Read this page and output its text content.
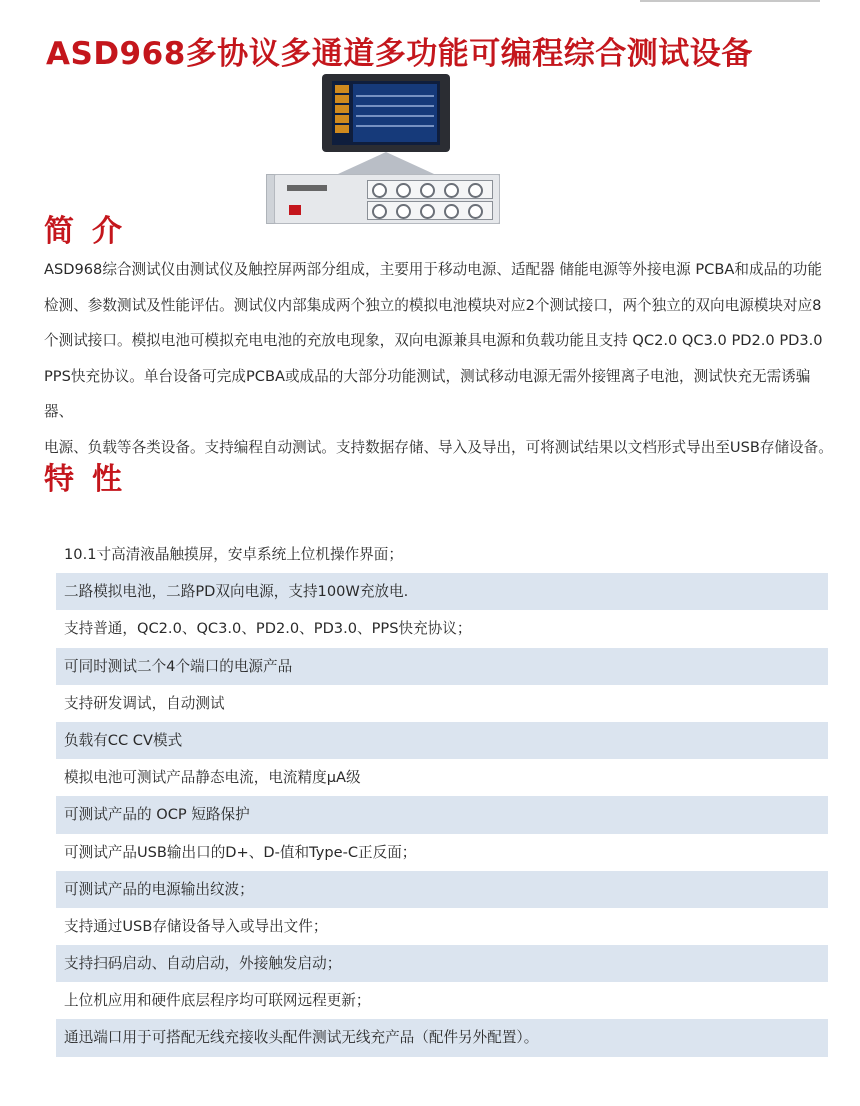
ASD968多协议多通道多功能可编程综合测试设备
简介
ASD968综合测试仪由测试仪及触控屏两部分组成，主要用于移动电源、适配器 储能电源等外接电源 PCBA和成品的功能
检测、参数测试及性能评估。测试仪内部集成两个独立的模拟电池模块对应2个测试接口，两个独立的双向电源模块对应8
个测试接口。模拟电池可模拟充电电池的充放电现象，双向电源兼具电源和负载功能且支持 QC2.0 QC3.0 PD2.0 PD3.0
PPS快充协议。单台设备可完成PCBA或成品的大部分功能测试，测试移动电源无需外接锂离子电池，测试快充无需诱骗器、
电源、负载等各类设备。支持编程自动测试。支持数据存储、导入及导出，可将测试结果以文档形式导出至USB存储设备。
特性
10.1寸高清液晶触摸屏，安卓系统上位机操作界面；
二路模拟电池，二路PD双向电源，支持100W充放电.
支持普通，QC2.0、QC3.0、PD2.0、PD3.0、PPS快充协议；
可同时测试二个4个端口的电源产品
支持研发调试，自动测试
负载有CC CV模式
模拟电池可测试产品静态电流，电流精度μA级
可测试产品的 OCP 短路保护
可测试产品USB输出口的D+、D-值和Type-C正反面；
可测试产品的电源输出纹波；
支持通过USB存储设备导入或导出文件；
支持扫码启动、自动启动，外接触发启动；
上位机应用和硬件底层程序均可联网远程更新；
通迅端口用于可搭配无线充接收头配件测试无线充产品（配件另外配置）。
